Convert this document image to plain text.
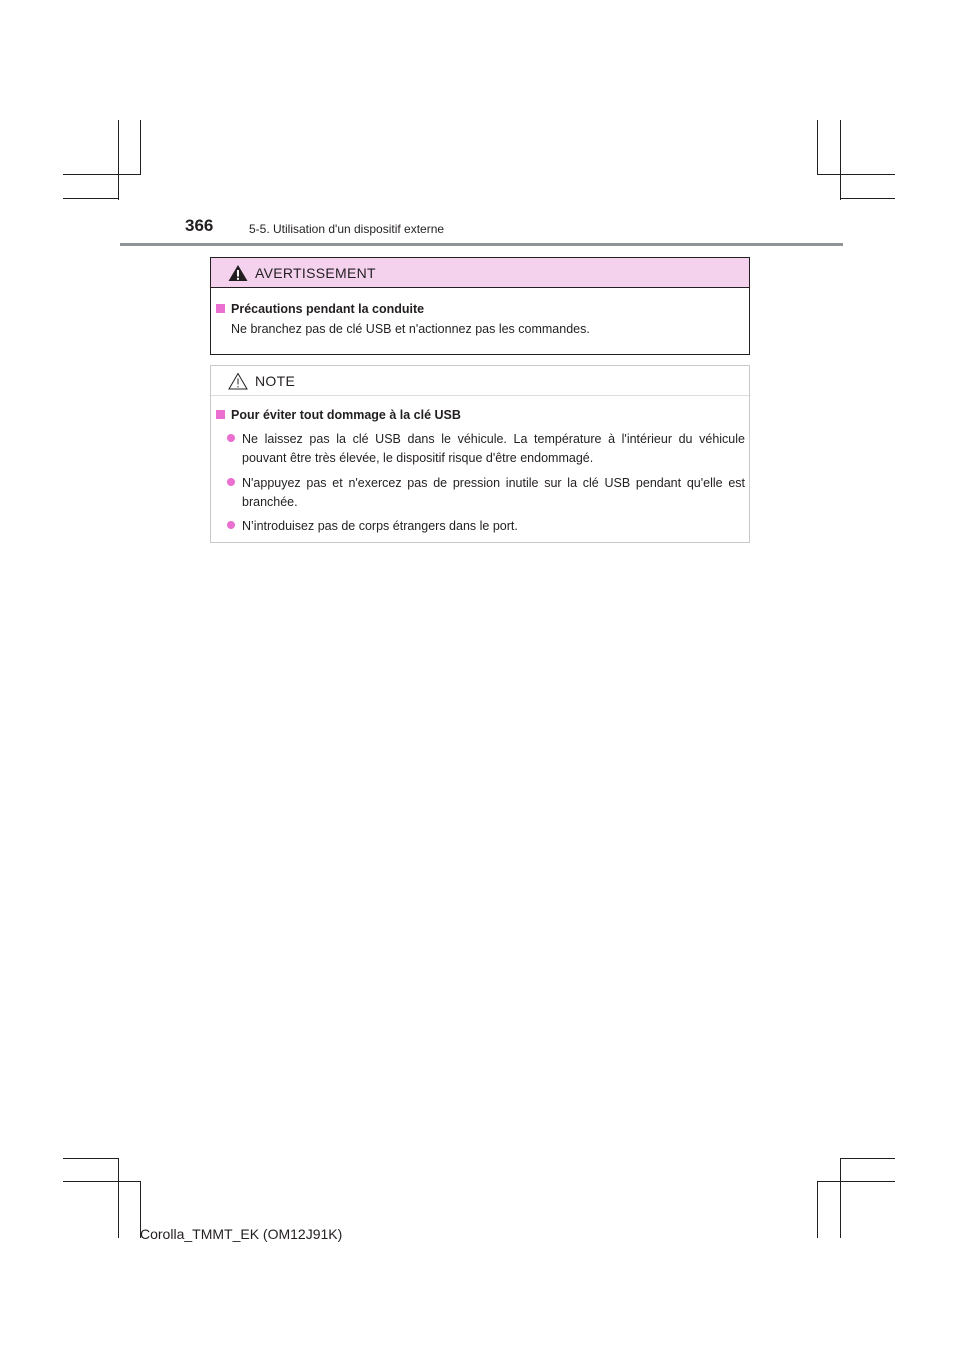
366	5-5. Utilisation d'un dispositif externe
AVERTISSEMENT
Précautions pendant la conduite
Ne branchez pas de clé USB et n'actionnez pas les commandes.
NOTE
Pour éviter tout dommage à la clé USB
Ne laissez pas la clé USB dans le véhicule. La température à l'intérieur du véhicule pouvant être très élevée, le dispositif risque d'être endommagé.
N'appuyez pas et n'exercez pas de pression inutile sur la clé USB pendant qu'elle est branchée.
N’introduisez pas de corps étrangers dans le port.
Corolla_TMMT_EK (OM12J91K)
